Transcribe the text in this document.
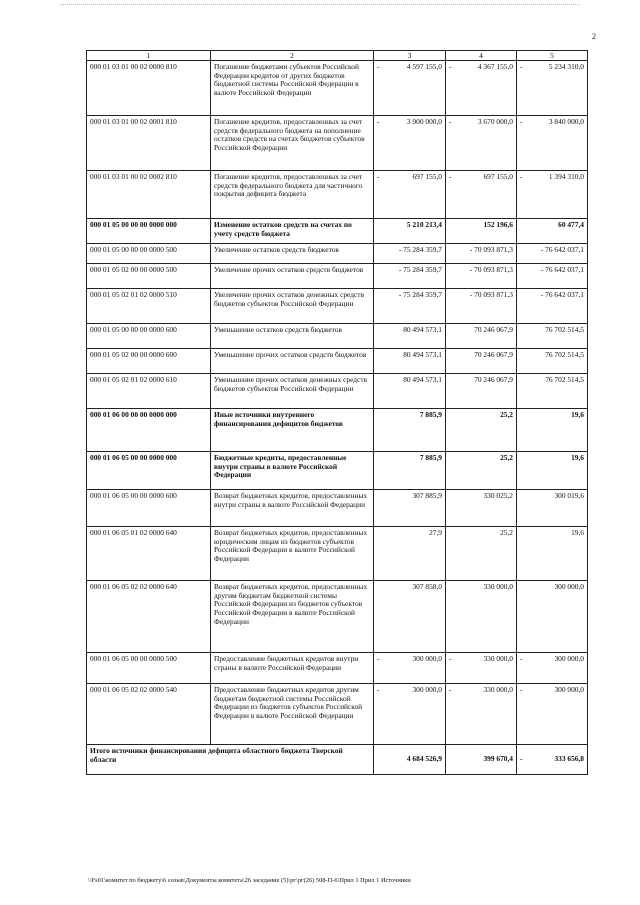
2
1	2	3	4	5
000 01 03 01 00 02 0000 810	Погашение бюджетами субъектов Российской Федерации кредитов от других бюджетов бюджетной системы Российской Федерации в валюте Российской Федерации	- 4 597 155,0	- 4 367 155,0	- 5 234 310,0
000 01 03 01 00 02 0001 810	Погашение кредитов, предоставленных за счет средств федерального бюджета на пополнение остатков средств на счетах бюджетов субъектов Российской Федерации	- 3 900 000,0	- 3 670 000,0	- 3 840 000,0
000 01 03 01 00 02 0002 810	Погашение кредитов, предоставленных за счет средств федерального бюджета для частичного покрытия дефицита бюджета	- 697 155,0	- 697 155,0	- 1 394 310,0
000 01 05 00 00 00 0000 000	Изменение остатков средств на счетах по учету средств бюджета	5 210 213,4	152 196,6	60 477,4
000 01 05 00 00 00 0000 500	Увеличение остатков средств бюджетов	- 75 284 359,7	- 70 093 871,3	- 76 642 037,1
000 01 05 02 00 00 0000 500	Увеличение прочих остатков средств бюджетов	- 75 284 359,7	- 70 093 871,3	- 76 642 037,1
000 01 05 02 01 02 0000 510	Увеличение прочих остатков денежных средств бюджетов субъектов Российской Федерации	- 75 284 359,7	- 70 093 871,3	- 76 642 037,1
000 01 05 00 00 00 0000 600	Уменьшение остатков средств бюджетов	80 494 573,1	70 246 067,9	76 702 514,5
000 01 05 02 00 00 0000 600	Уменьшение прочих остатков средств бюджетов	80 494 573,1	70 246 067,9	76 702 514,5
000 01 05 02 01 02 0000 610	Уменьшение прочих остатков денежных средств бюджетов субъектов Российской Федерации	80 494 573,1	70 246 067,9	76 702 514,5
000 01 06 00 00 00 0000 000	Иные источники внутреннего финансирования дефицитов бюджетов	7 885,9	25,2	19,6
000 01 06 05 00 00 0000 000	Бюджетные кредиты, предоставленные внутри страны в валюте Российской Федерации	7 885,9	25,2	19,6
000 01 06 05 00 00 0000 600	Возврат бюджетных кредитов, предоставленных внутри страны в валюте Российской Федерации	307 885,9	330 025,2	300 019,6
000 01 06 05 01 02 0000 640	Возврат бюджетных кредитов, предоставленных юридическим лицам из бюджетов субъектов Российской Федерации в валюте Российской Федерации	27,9	25,2	19,6
000 01 06 05 02 02 0000 640	Возврат бюджетных кредитов, предоставленных другим бюджетам бюджетной системы Российской Федерации из бюджетов субъектов Российской Федерации в валюте Российской Федерации	307 858,0	330 000,0	300 000,0
000 01 06 05 00 00 0000 500	Предоставление бюджетных кредитов внутри страны в валюте Российской Федерации	- 300 000,0	- 330 000,0	- 300 000,0
000 01 06 05 02 02 0000 540	Предоставление бюджетных кредитов другим бюджетам бюджетной системы Российской Федерации из бюджетов субъектов Российской Федерации в валюте Российской Федерации	- 300 000,0	- 330 000,0	- 300 000,0
Итого источники финансирования дефицита областного бюджета Тверской области		4 684 526,9	399 670,4	- 333 656,8
\\Fs01\комитет по бюджету\6 созыв\Документы комитета\26 заседание (5)\рг\рг(26) 508-П-6\Прил 1 Прил 1 Источники
